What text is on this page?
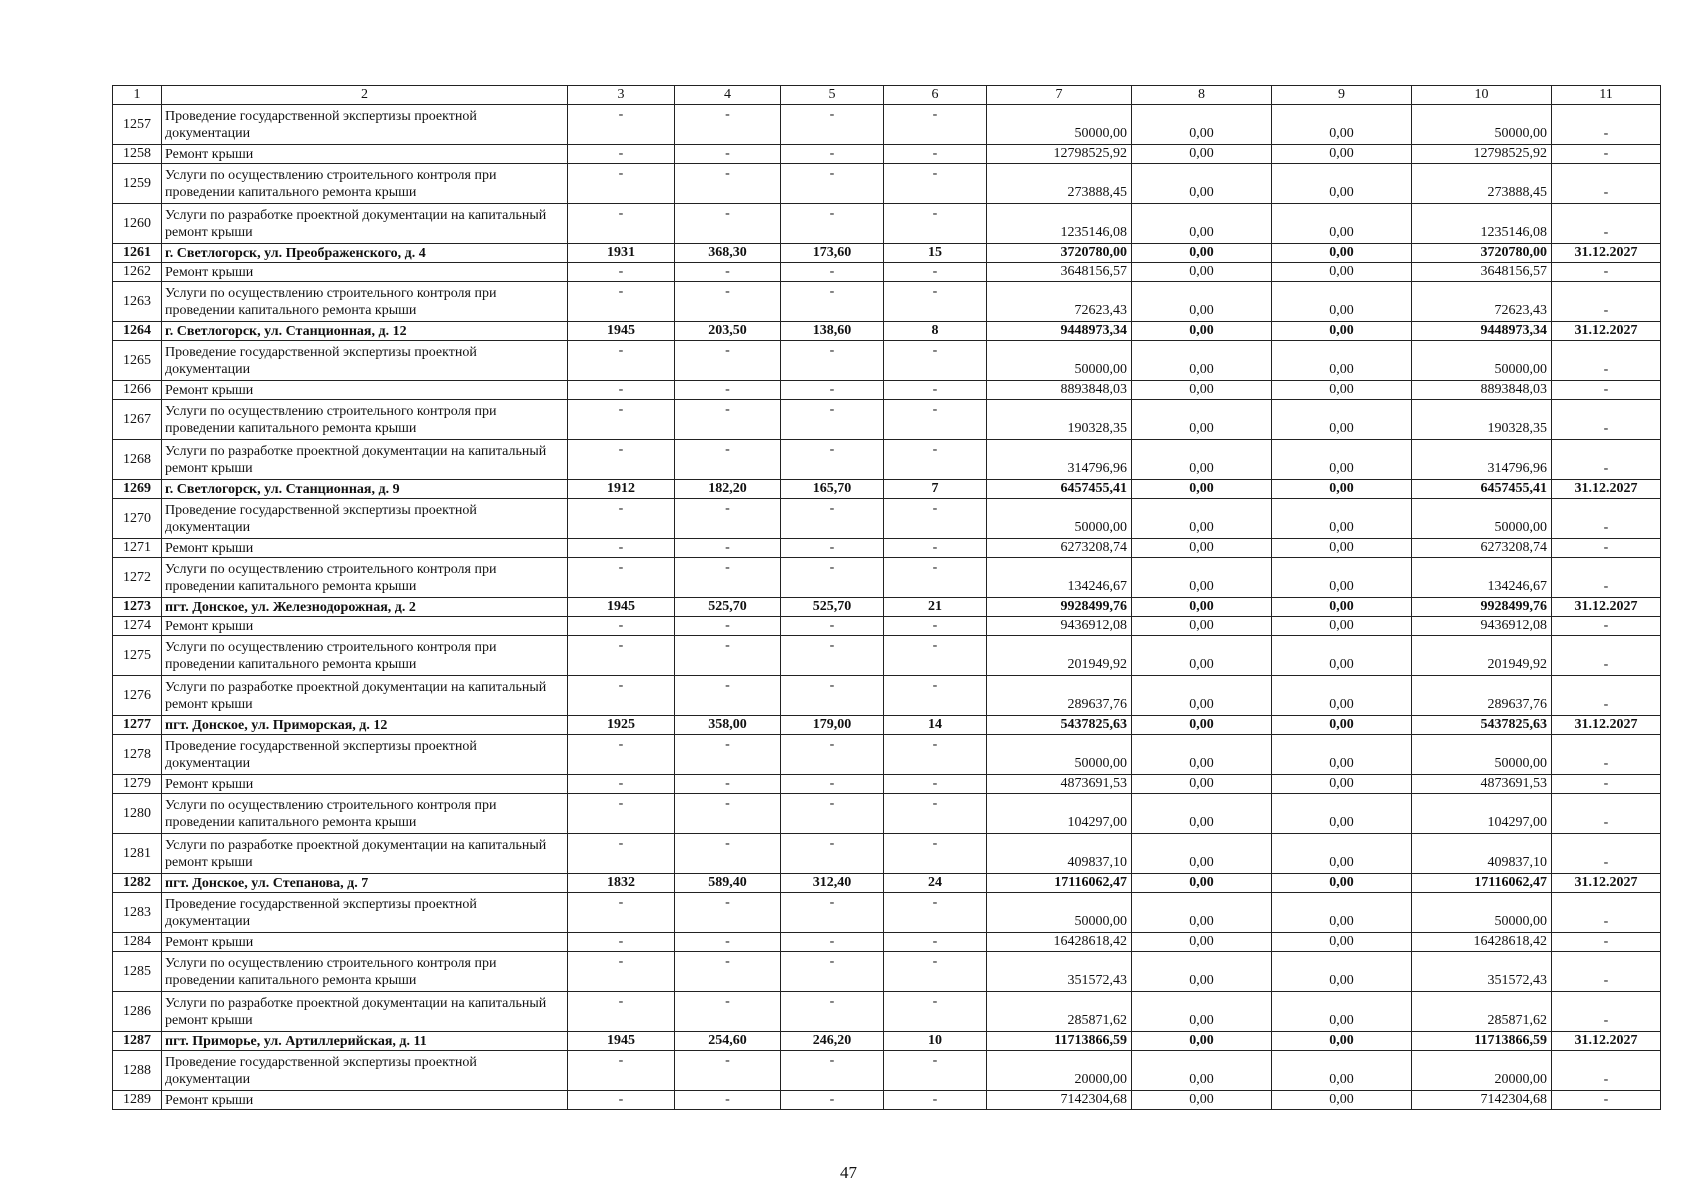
1	2	3	4	5	6	7	8	9	10	11
1257	Проведение государственной экспертизы проектной документации	-	-	-	-	50000,00	0,00	0,00	50000,00	-
1258	Ремонт крыши	-	-	-	-	12798525,92	0,00	0,00	12798525,92	-
1259	Услуги по осуществлению строительного контроля при проведении капитального ремонта крыши	-	-	-	-	273888,45	0,00	0,00	273888,45	-
1260	Услуги по разработке проектной документации на капитальный ремонт крыши	-	-	-	-	1235146,08	0,00	0,00	1235146,08	-
1261	г. Светлогорск, ул. Преображенского, д. 4	1931	368,30	173,60	15	3720780,00	0,00	0,00	3720780,00	31.12.2027
1262	Ремонт крыши	-	-	-	-	3648156,57	0,00	0,00	3648156,57	-
1263	Услуги по осуществлению строительного контроля при проведении капитального ремонта крыши	-	-	-	-	72623,43	0,00	0,00	72623,43	-
1264	г. Светлогорск, ул. Станционная, д. 12	1945	203,50	138,60	8	9448973,34	0,00	0,00	9448973,34	31.12.2027
1265	Проведение государственной экспертизы проектной документации	-	-	-	-	50000,00	0,00	0,00	50000,00	-
1266	Ремонт крыши	-	-	-	-	8893848,03	0,00	0,00	8893848,03	-
1267	Услуги по осуществлению строительного контроля при проведении капитального ремонта крыши	-	-	-	-	190328,35	0,00	0,00	190328,35	-
1268	Услуги по разработке проектной документации на капитальный ремонт крыши	-	-	-	-	314796,96	0,00	0,00	314796,96	-
1269	г. Светлогорск, ул. Станционная, д. 9	1912	182,20	165,70	7	6457455,41	0,00	0,00	6457455,41	31.12.2027
1270	Проведение государственной экспертизы проектной документации	-	-	-	-	50000,00	0,00	0,00	50000,00	-
1271	Ремонт крыши	-	-	-	-	6273208,74	0,00	0,00	6273208,74	-
1272	Услуги по осуществлению строительного контроля при проведении капитального ремонта крыши	-	-	-	-	134246,67	0,00	0,00	134246,67	-
1273	пгт. Донское, ул. Железнодорожная, д. 2	1945	525,70	525,70	21	9928499,76	0,00	0,00	9928499,76	31.12.2027
1274	Ремонт крыши	-	-	-	-	9436912,08	0,00	0,00	9436912,08	-
1275	Услуги по осуществлению строительного контроля при проведении капитального ремонта крыши	-	-	-	-	201949,92	0,00	0,00	201949,92	-
1276	Услуги по разработке проектной документации на капитальный ремонт крыши	-	-	-	-	289637,76	0,00	0,00	289637,76	-
1277	пгт. Донское, ул. Приморская, д. 12	1925	358,00	179,00	14	5437825,63	0,00	0,00	5437825,63	31.12.2027
1278	Проведение государственной экспертизы проектной документации	-	-	-	-	50000,00	0,00	0,00	50000,00	-
1279	Ремонт крыши	-	-	-	-	4873691,53	0,00	0,00	4873691,53	-
1280	Услуги по осуществлению строительного контроля при проведении капитального ремонта крыши	-	-	-	-	104297,00	0,00	0,00	104297,00	-
1281	Услуги по разработке проектной документации на капитальный ремонт крыши	-	-	-	-	409837,10	0,00	0,00	409837,10	-
1282	пгт. Донское, ул. Степанова, д. 7	1832	589,40	312,40	24	17116062,47	0,00	0,00	17116062,47	31.12.2027
1283	Проведение государственной экспертизы проектной документации	-	-	-	-	50000,00	0,00	0,00	50000,00	-
1284	Ремонт крыши	-	-	-	-	16428618,42	0,00	0,00	16428618,42	-
1285	Услуги по осуществлению строительного контроля при проведении капитального ремонта крыши	-	-	-	-	351572,43	0,00	0,00	351572,43	-
1286	Услуги по разработке проектной документации на капитальный ремонт крыши	-	-	-	-	285871,62	0,00	0,00	285871,62	-
1287	пгт. Приморье, ул. Артиллерийская, д. 11	1945	254,60	246,20	10	11713866,59	0,00	0,00	11713866,59	31.12.2027
1288	Проведение государственной экспертизы проектной документации	-	-	-	-	20000,00	0,00	0,00	20000,00	-
1289	Ремонт крыши	-	-	-	-	7142304,68	0,00	0,00	7142304,68	-
47
